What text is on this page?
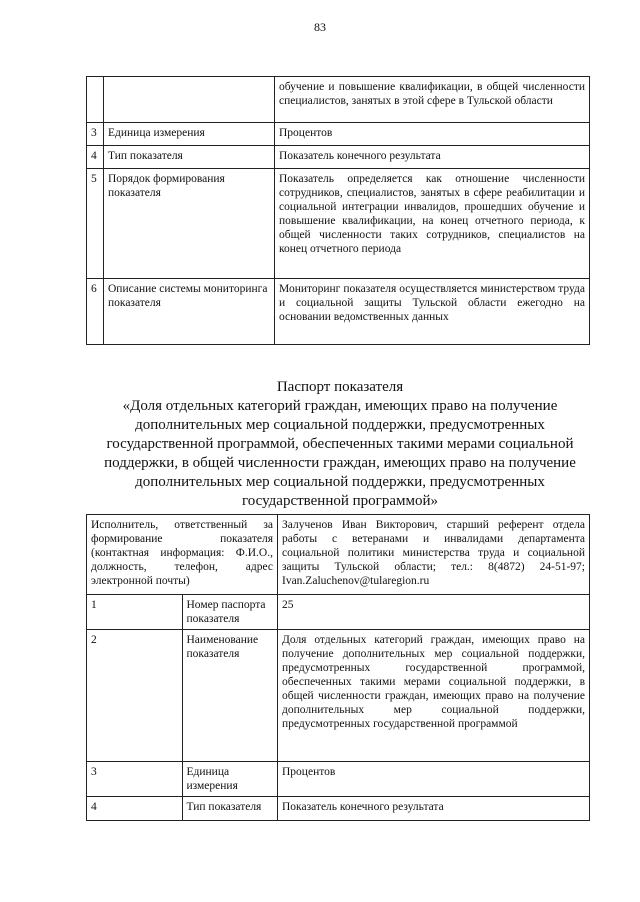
83
		обучение и повышение квалификации, в общей численности специалистов, занятых в этой сфере в Тульской области
3	Единица измерения	Процентов
4	Тип показателя	Показатель конечного результата
5	Порядок формирования показателя	Показатель определяется как отношение численности сотрудников, специалистов, занятых в сфере реабилитации и социальной интеграции инвалидов, прошедших обучение и повышение квалификации, на конец отчетного периода, к общей численности таких сотрудников, специалистов на конец отчетного периода
6	Описание системы мониторинга показателя	Мониторинг показателя осуществляется министерством труда и социальной защиты Тульской области ежегодно на основании ведомственных данных
Паспорт показателя
«Доля отдельных категорий граждан, имеющих право на получение дополнительных мер социальной поддержки, предусмотренных государственной программой, обеспеченных такими мерами социальной поддержки, в общей численности граждан, имеющих право на получение дополнительных мер социальной поддержки, предусмотренных государственной программой»
Исполнитель, ответственный за формирование показателя (контактная информация: Ф.И.О., должность, телефон, адрес электронной почты)		Залученов Иван Викторович, старший референт отдела работы с ветеранами и инвалидами департамента социальной политики министерства труда и социальной защиты Тульской области; тел.: 8(4872) 24-51-97; Ivan.Zaluchenov@tularegion.ru
1	Номер паспорта показателя	25
2	Наименование показателя	Доля отдельных категорий граждан, имеющих право на получение дополнительных мер социальной поддержки, предусмотренных государственной программой, обеспеченных такими мерами социальной поддержки, в общей численности граждан, имеющих право на получение дополнительных мер социальной поддержки, предусмотренных государственной программой
3	Единица измерения	Процентов
4	Тип показателя	Показатель конечного результата
